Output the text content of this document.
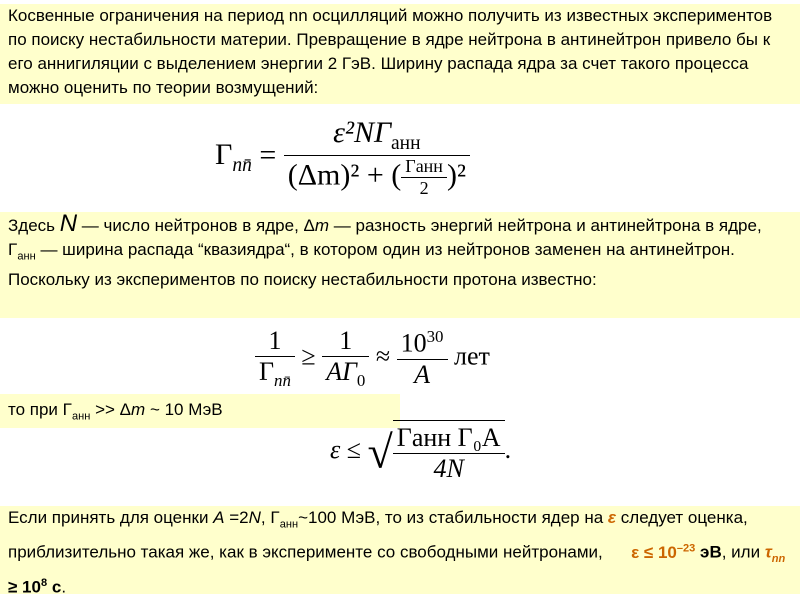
Косвенные ограничения на период nn осцилляций можно получить из известных экспериментов по поиску нестабильности материи. Превращение в ядре нейтрона в антинейтрон привело бы к его аннигиляции с выделением энергии 2 ГэВ. Ширину распада ядра за счет такого процесса можно оценить по теории возмущений:

$\Gamma_{nn̄} = \frac{\varepsilon^2N\Gamma_{анн}}{(\Delta m)^2 + ( \frac{\text{Γанн}}{2} )^2}$

Здесь N — число нейтронов в ядре, Δm — разность энергий нейтрона и антинейтрона в ядре, $\Gamma_{анн}$ — ширина распада “квазиядра“, в котором один из нейтронов заменен на антинейтрон. Поскольку из экспериментов по поиску нестабильности протона известно:

$\frac{1}{\Gamma_{nn̄}} \ge \frac{1}{A\Gamma_0} \approx \frac{10^{30}}{A}$ лет
то при $\Gamma_{анн} >> \Delta m$ ~ 10 МэВ
ε ≤ √ $\frac{\text{Γанн Γ₀A}}{4N}$ .

Если принять для оценки A =2N, $\Gamma_{анн}\sim 100$ МэВ, то из стабильности ядер на ε следует оценка, приблизительно такая же, как в эксперименте со свободными нейтронами, $\varepsilon \le 10^{-23}$ эВ, или $\tau_{nn} \ge 10^8$ с.
